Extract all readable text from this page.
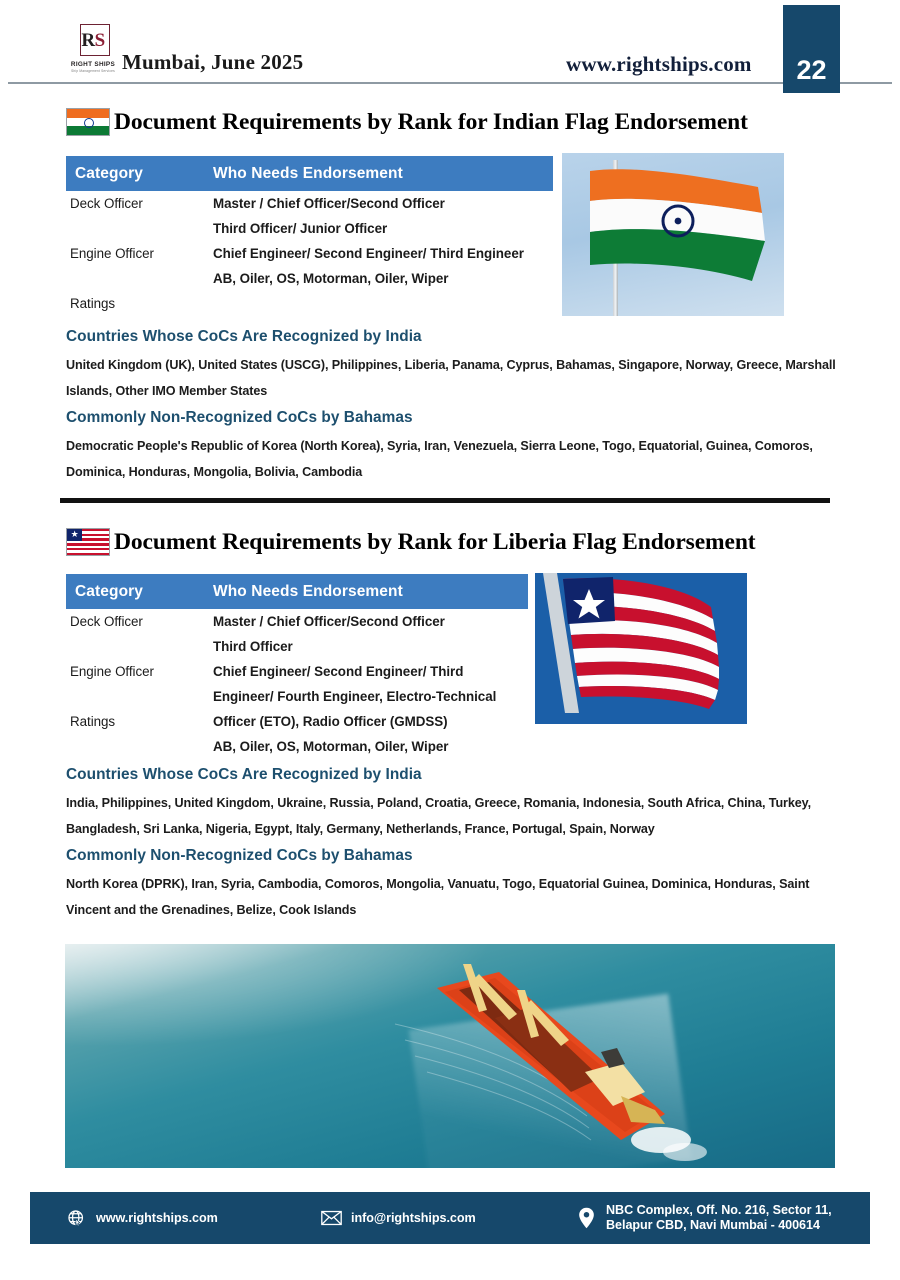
RS
RIGHT SHIPS
Ship Management Services Mumbai, June 2025	www.rightships.com	22
Document Requirements by Rank for Indian Flag Endorsement
Category	Who Needs Endorsement
Deck Officer	Master / Chief Officer/Second Officer
Third Officer/ Junior Officer
Engine Officer	Chief Engineer/ Second Engineer/ Third Engineer
AB, Oiler, OS, Motorman, Oiler, Wiper
Ratings
Countries Whose CoCs Are Recognized by India
United Kingdom (UK), United States (USCG), Philippines, Liberia, Panama, Cyprus, Bahamas, Singapore, Norway, Greece, Marshall Islands, Other IMO Member States
Commonly Non-Recognized CoCs by Bahamas
Democratic People's Republic of Korea (North Korea), Syria, Iran, Venezuela, Sierra Leone, Togo, Equatorial, Guinea, Comoros, Dominica, Honduras, Mongolia, Bolivia, Cambodia
★ Document Requirements by Rank for Liberia Flag Endorsement
Category	Who Needs Endorsement
Deck Officer	Master / Chief Officer/Second Officer
Third Officer
Engine Officer	Chief Engineer/ Second Engineer/ Third
Engineer/ Fourth Engineer, Electro-Technical
Ratings	Officer (ETO), Radio Officer (GMDSS)
AB, Oiler, OS, Motorman, Oiler, Wiper
Countries Whose CoCs Are Recognized by India
India, Philippines, United Kingdom, Ukraine, Russia, Poland, Croatia, Greece, Romania, Indonesia, South Africa, China, Turkey, Bangladesh, Sri Lanka, Nigeria, Egypt, Italy, Germany, Netherlands, France, Portugal, Spain, Norway
Commonly Non-Recognized CoCs by Bahamas
North Korea (DPRK), Iran, Syria, Cambodia, Comoros, Mongolia, Vanuatu, Togo, Equatorial Guinea, Dominica, Honduras, Saint Vincent and the Grenadines, Belize, Cook Islands
www.rightships.com	info@rightships.com
NBC Complex, Off. No. 216, Sector 11,
Belapur CBD, Navi Mumbai - 400614
